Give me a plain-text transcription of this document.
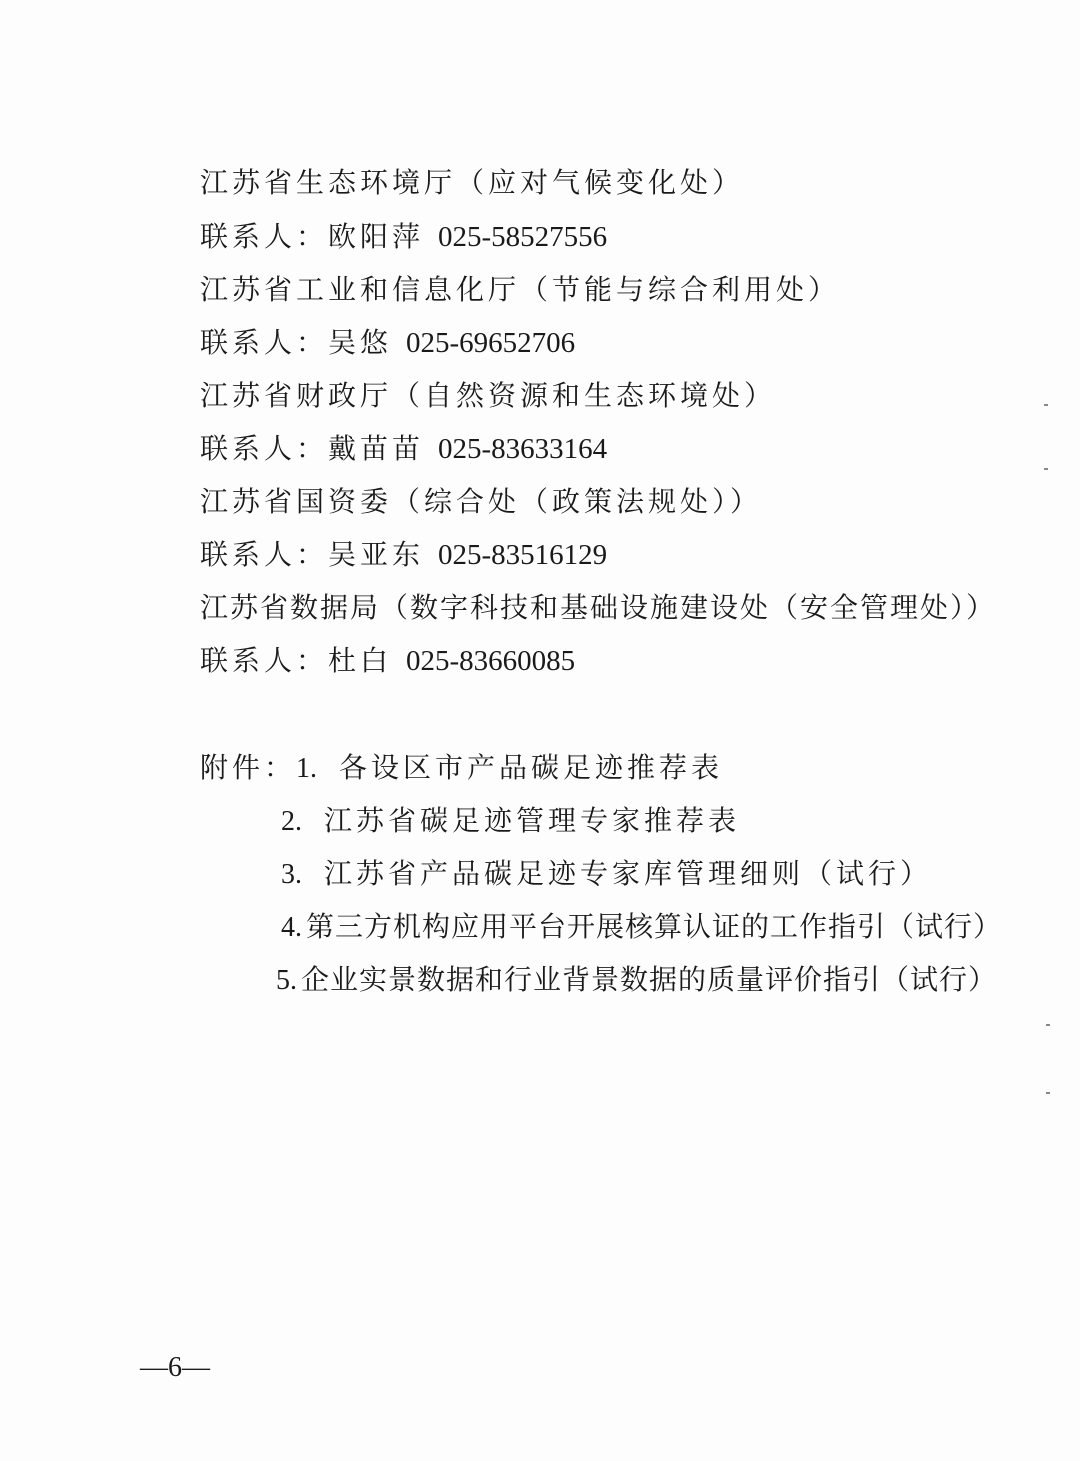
江苏省生态环境厅（应对气候变化处）
联系人：欧阳萍 025-58527556
江苏省工业和信息化厅（节能与综合利用处）
联系人：吴悠 025-69652706
江苏省财政厅（自然资源和生态环境处）
联系人：戴苗苗 025-83633164
江苏省国资委（综合处（政策法规处））
联系人：吴亚东 025-83516129
江苏省数据局（数字科技和基础设施建设处（安全管理处））
联系人：杜白 025-83660085
附件：1. 各设区市产品碳足迹推荐表
2. 江苏省碳足迹管理专家推荐表
3. 江苏省产品碳足迹专家库管理细则（试行）
4. 第三方机构应用平台开展核算认证的工作指引（试行）
5. 企业实景数据和行业背景数据的质量评价指引（试行）
—6—
